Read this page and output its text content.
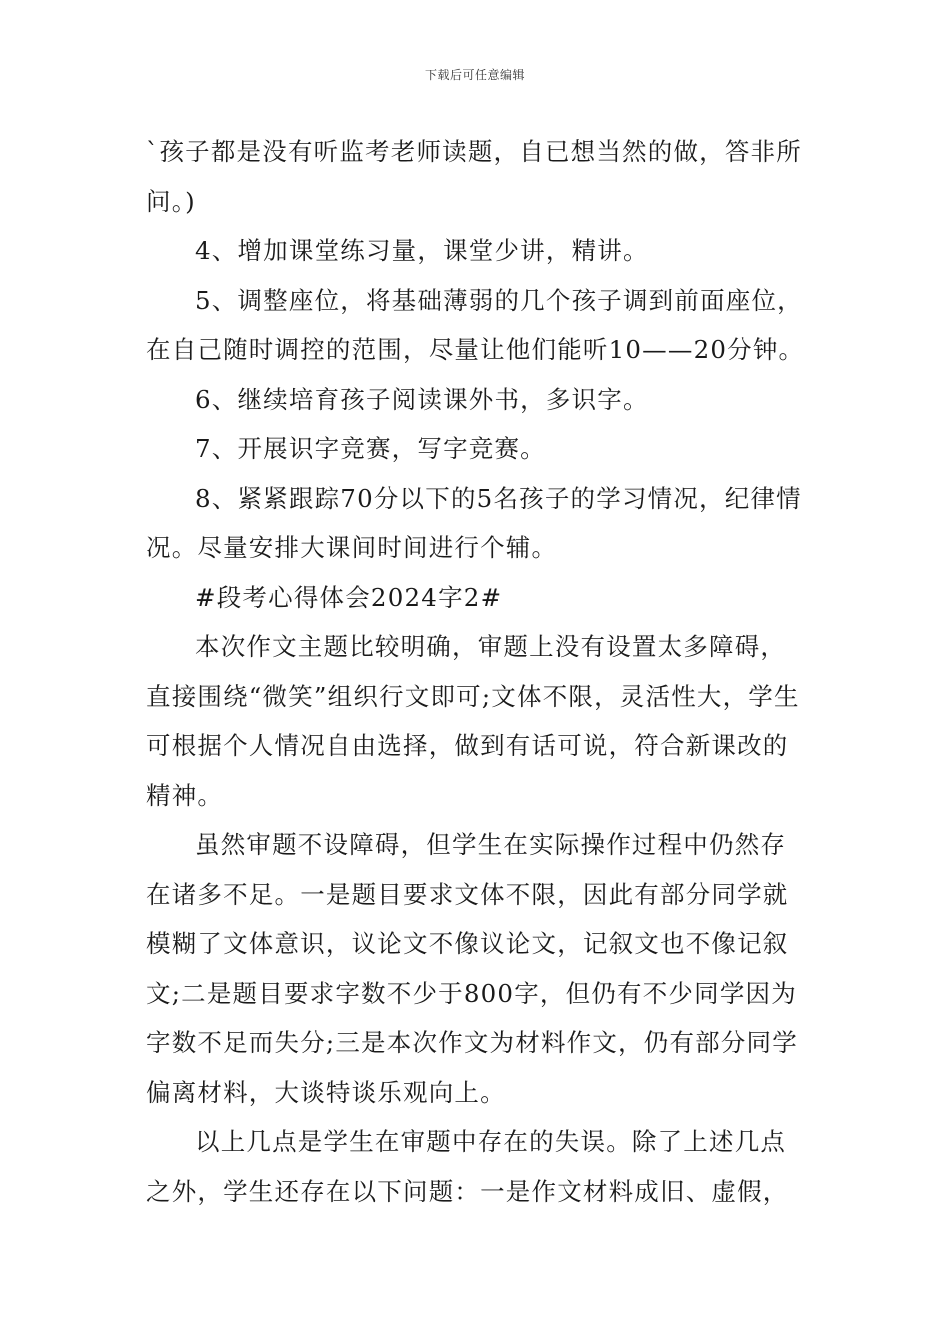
下载后可任意编辑

`孩子都是没有听监考老师读题，自已想当然的做，答非所问。)

4、增加课堂练习量，课堂少讲，精讲。

5、调整座位，将基础薄弱的几个孩子调到前面座位，在自己随时调控的范围，尽量让他们能听10——20分钟。

6、继续培育孩子阅读课外书，多识字。

7、开展识字竞赛，写字竞赛。

8、紧紧跟踪70分以下的5名孩子的学习情况，纪律情况。尽量安排大课间时间进行个辅。

#段考心得体会2024字2#

本次作文主题比较明确，审题上没有设置太多障碍，直接围绕“微笑”组织行文即可;文体不限，灵活性大，学生可根据个人情况自由选择，做到有话可说，符合新课改的精神。

虽然审题不设障碍，但学生在实际操作过程中仍然存在诸多不足。一是题目要求文体不限，因此有部分同学就模糊了文体意识，议论文不像议论文，记叙文也不像记叙文;二是题目要求字数不少于800字，但仍有不少同学因为字数不足而失分;三是本次作文为材料作文，仍有部分同学偏离材料，大谈特谈乐观向上。

以上几点是学生在审题中存在的失误。除了上述几点之外，学生还存在以下问题：一是作文材料成旧、虚假，
